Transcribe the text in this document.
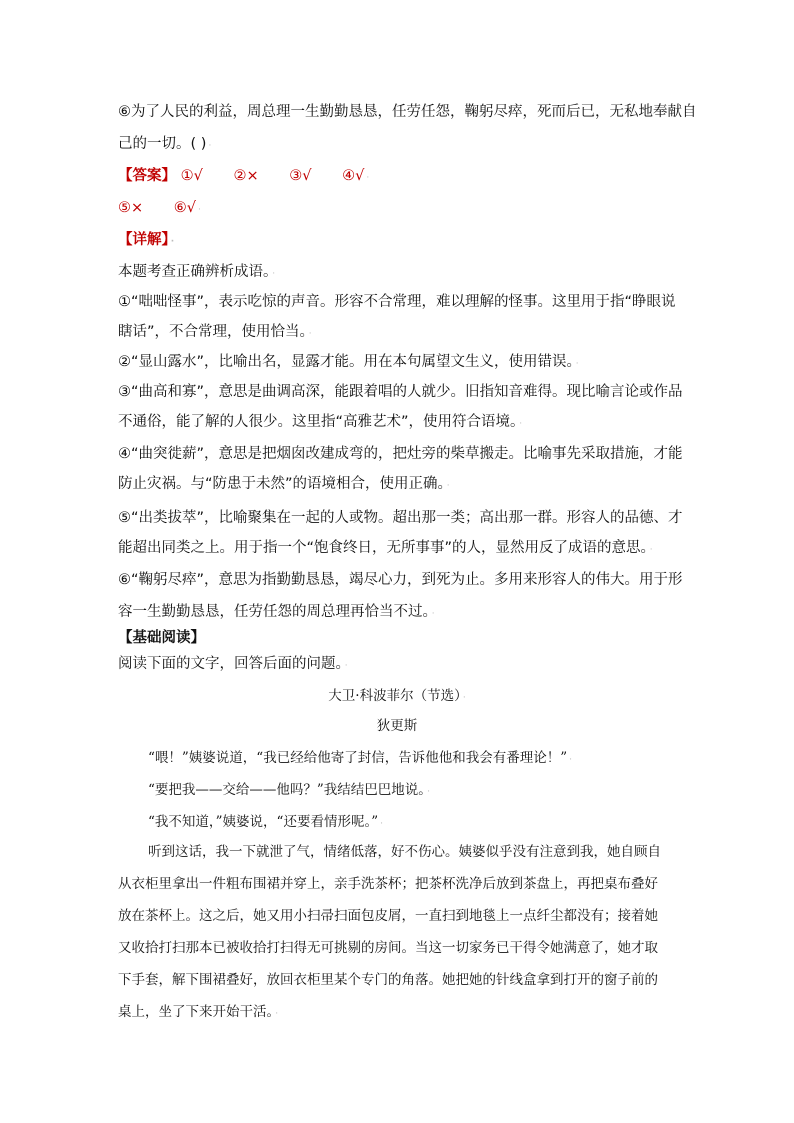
⑥为了人民的利益，周总理一生勤勤恳恳，任劳任怨，鞠躬尽瘁，死而后已，无私地奉献自
己的一切。( ) ·
【答案】 ①√ ②× ③√ ④√ ·
⑤× ⑥√ ·
【详解】 ·
本题考查正确辨析成语。 ·
①“咄咄怪事”，表示吃惊的声音。形容不合常理，难以理解的怪事。这里用于指“睁眼说
瞎话”，不合常理，使用恰当。 ·
②“显山露水”，比喻出名，显露才能。用在本句属望文生义，使用错误。 ·
③“曲高和寡”，意思是曲调高深，能跟着唱的人就少。旧指知音难得。现比喻言论或作品
不通俗，能了解的人很少。这里指“高雅艺术”，使用符合语境。 ·
④“曲突徙薪”，意思是把烟囱改建成弯的，把灶旁的柴草搬走。比喻事先采取措施，才能
防止灾祸。与“防患于未然”的语境相合，使用正确。 ·
⑤“出类拔萃”，比喻聚集在一起的人或物。超出那一类；高出那一群。形容人的品德、才
能超出同类之上。用于指一个“饱食终日，无所事事”的人，显然用反了成语的意思。 ·
⑥“鞠躬尽瘁”，意思为指勤勤恳恳，竭尽心力，到死为止。多用来形容人的伟大。用于形
容一生勤勤恳恳，任劳任怨的周总理再恰当不过。 ·
【基础阅读】
阅读下面的文字，回答后面的问题。 ·
大卫·科波菲尔（节选） ·
狄更斯
“喂！”姨婆说道，“我已经给他寄了封信，告诉他他和我会有番理论！” ·
“要把我——交给——他吗？”我结结巴巴地说。 ·
“我不知道，”姨婆说，“还要看情形呢。” ·
听到这话，我一下就泄了气，情绪低落，好不伤心。姨婆似乎没有注意到我，她自顾自
从衣柜里拿出一件粗布围裙并穿上，亲手洗茶杯；把茶杯洗净后放到茶盘上，再把桌布叠好
放在茶杯上。这之后，她又用小扫帚扫面包皮屑，一直扫到地毯上一点纤尘都没有；接着她
又收拾打扫那本已被收拾打扫得无可挑剔的房间。当这一切家务已干得令她满意了，她才取
下手套，解下围裙叠好，放回衣柜里某个专门的角落。她把她的针线盒拿到打开的窗子前的
桌上，坐了下来开始干活。 ·
